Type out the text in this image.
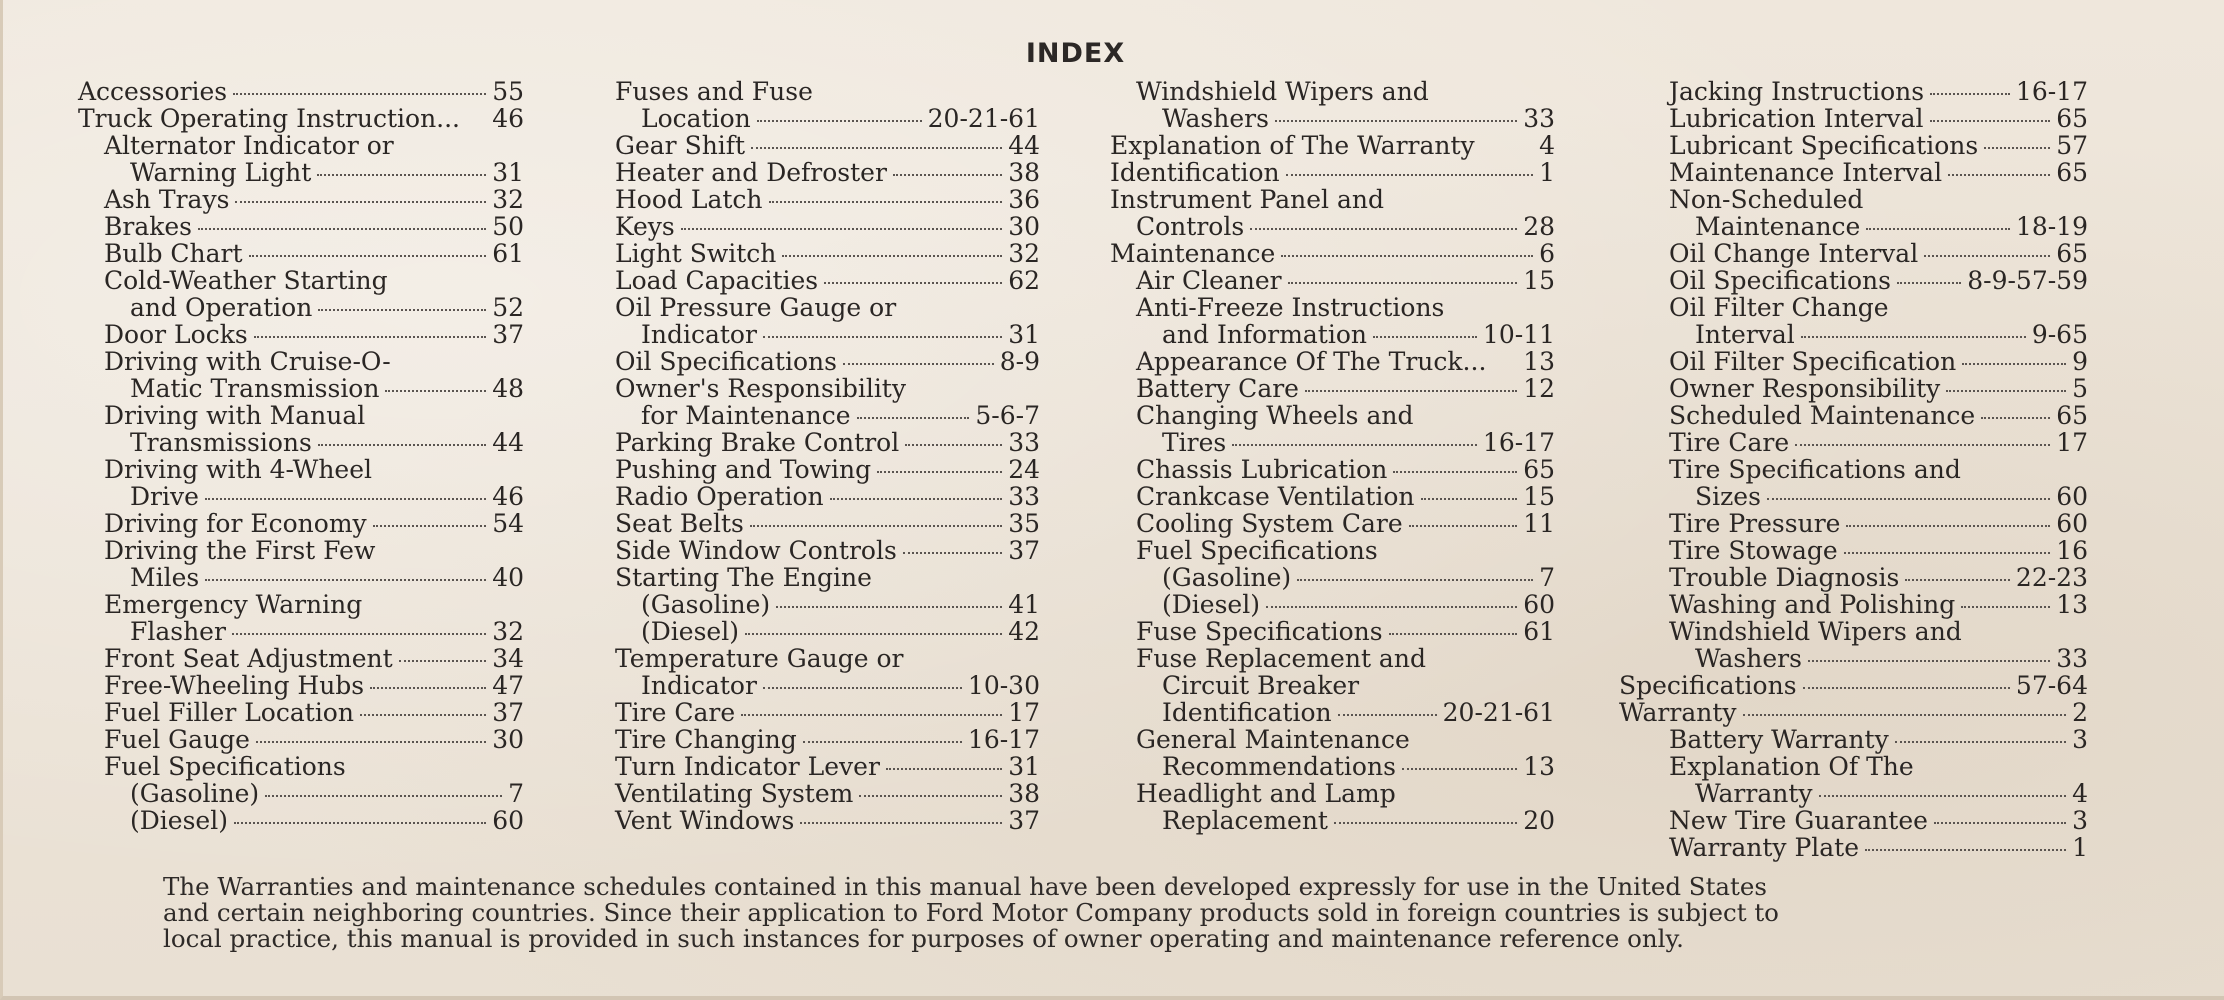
INDEX
Accessories	55
Truck Operating Instruction... 46
Alternator Indicator or
Warning Light	31
Ash Trays	32
Brakes	50
Bulb Chart	61
Cold-Weather Starting
and Operation	52
Door Locks	37
Driving with Cruise-O-
Matic Transmission	48
Driving with Manual
Transmissions	44
Driving with 4-Wheel
Drive	46
Driving for Economy	54
Driving the First Few
Miles	40
Emergency Warning
Flasher	32
Front Seat Adjustment	34
Free-Wheeling Hubs	47
Fuel Filler Location	37
Fuel Gauge	30
Fuel Specifications
(Gasoline)	7
(Diesel)	60
Fuses and Fuse
Location	20-21-61
Gear Shift	44
Heater and Defroster	38
Hood Latch	36
Keys	30
Light Switch	32
Load Capacities	62
Oil Pressure Gauge or
Indicator	31
Oil Specifications	8-9
Owner's Responsibility
for Maintenance	5-6-7
Parking Brake Control	33
Pushing and Towing	24
Radio Operation	33
Seat Belts	35
Side Window Controls	37
Starting The Engine
(Gasoline)	41
(Diesel)	42
Temperature Gauge or
Indicator	10-30
Tire Care	17
Tire Changing	16-17
Turn Indicator Lever	31
Ventilating System	38
Vent Windows	37
Windshield Wipers and
Washers	33
Explanation of The Warranty	4
Identification	1
Instrument Panel and
Controls	28
Maintenance	6
Air Cleaner	15
Anti-Freeze Instructions
and Information	10-11
Appearance Of The Truck... 13
Battery Care	12
Changing Wheels and
Tires	16-17
Chassis Lubrication	65
Crankcase Ventilation	15
Cooling System Care	11
Fuel Specifications
(Gasoline)	7
(Diesel)	60
Fuse Specifications	61
Fuse Replacement and
Circuit Breaker
Identification	20-21-61
General Maintenance
Recommendations	13
Headlight and Lamp
Replacement	20
Jacking Instructions	16-17
Lubrication Interval	65
Lubricant Specifications	57
Maintenance Interval	65
Non-Scheduled
Maintenance	18-19
Oil Change Interval	65
Oil Specifications	8-9-57-59
Oil Filter Change
Interval	9-65
Oil Filter Specification	9
Owner Responsibility	5
Scheduled Maintenance	65
Tire Care	17
Tire Specifications and
Sizes	60
Tire Pressure	60
Tire Stowage	16
Trouble Diagnosis	22-23
Washing and Polishing	13
Windshield Wipers and
Washers	33
Specifications	57-64
Warranty	2
Battery Warranty	3
Explanation Of The
Warranty	4
New Tire Guarantee	3
Warranty Plate	1
The Warranties and maintenance schedules contained in this manual have been developed expressly for use in the United States
and certain neighboring countries. Since their application to Ford Motor Company products sold in foreign countries is subject to
local practice, this manual is provided in such instances for purposes of owner operating and maintenance reference only.
